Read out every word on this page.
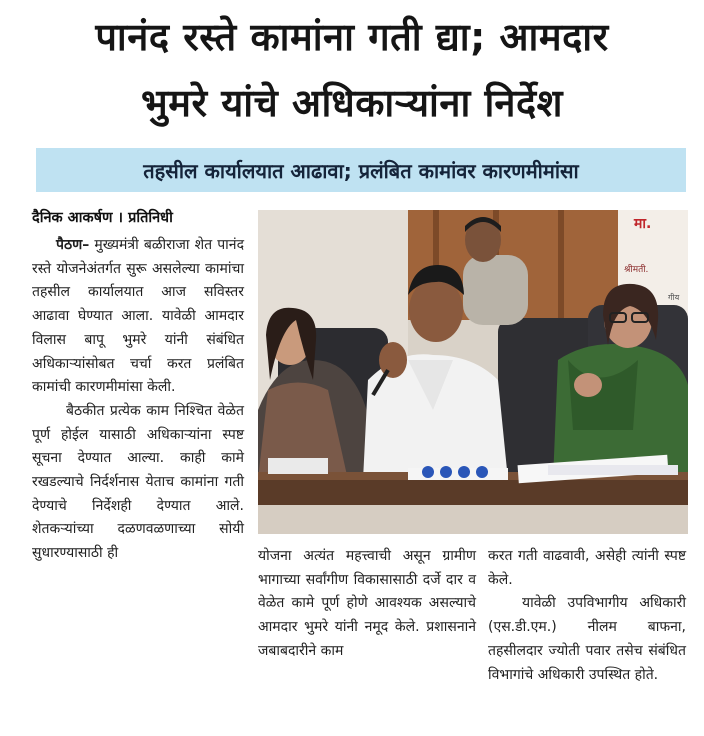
पानंद रस्ते कामांना गती द्या; आमदार
भुमरे यांचे अधिकाऱ्यांना निर्देश
तहसील कार्यालयात आढावा; प्रलंबित कामांवर कारणमीमांसा
दैनिक आकर्षण । प्रतिनिधी

पैठण– मुख्यमंत्री बळीराजा शेत पानंद रस्ते योजनेअंतर्गत सुरू असलेल्या कामांचा तहसील कार्यालयात आज सविस्तर आढावा घेण्यात आला. यावेळी आमदार विलास बापू भुमरे यांनी संबंधित अधिकाऱ्यांसोबत चर्चा करत प्रलंबित कामांची कारणमीमांसा केली.

बैठकीत प्रत्येक काम निश्चित वेळेत पूर्ण होईल यासाठी अधिकाऱ्यांना स्पष्ट सूचना देण्यात आल्या. काही कामे रखडल्याचे निर्दर्शनास येताच कामांना गती देण्याचे निर्देशही देण्यात आले. शेतकऱ्यांच्या दळणवळणाच्या सोयी सुधारण्यासाठी ही	योजना अत्यंत महत्त्वाची असून ग्रामीण भागाच्या सर्वांगीण विकासासाठी दर्जे दार व वेळेत कामे पूर्ण होणे आवश्यक असल्याचे आमदार भुमरे यांनी नमूद केले. प्रशासनाने जबाबदारीने काम

करत गती वाढवावी, असेही त्यांनी स्पष्ट केले.

यावेळी उपविभागीय अधिकारी (एस.डी.एम.) नीलम बाफना, तहसीलदार ज्योती पवार तसेच संबंधित विभागांचे अधिकारी उपस्थित होते.

मा.
श्रीमती.
गीय
